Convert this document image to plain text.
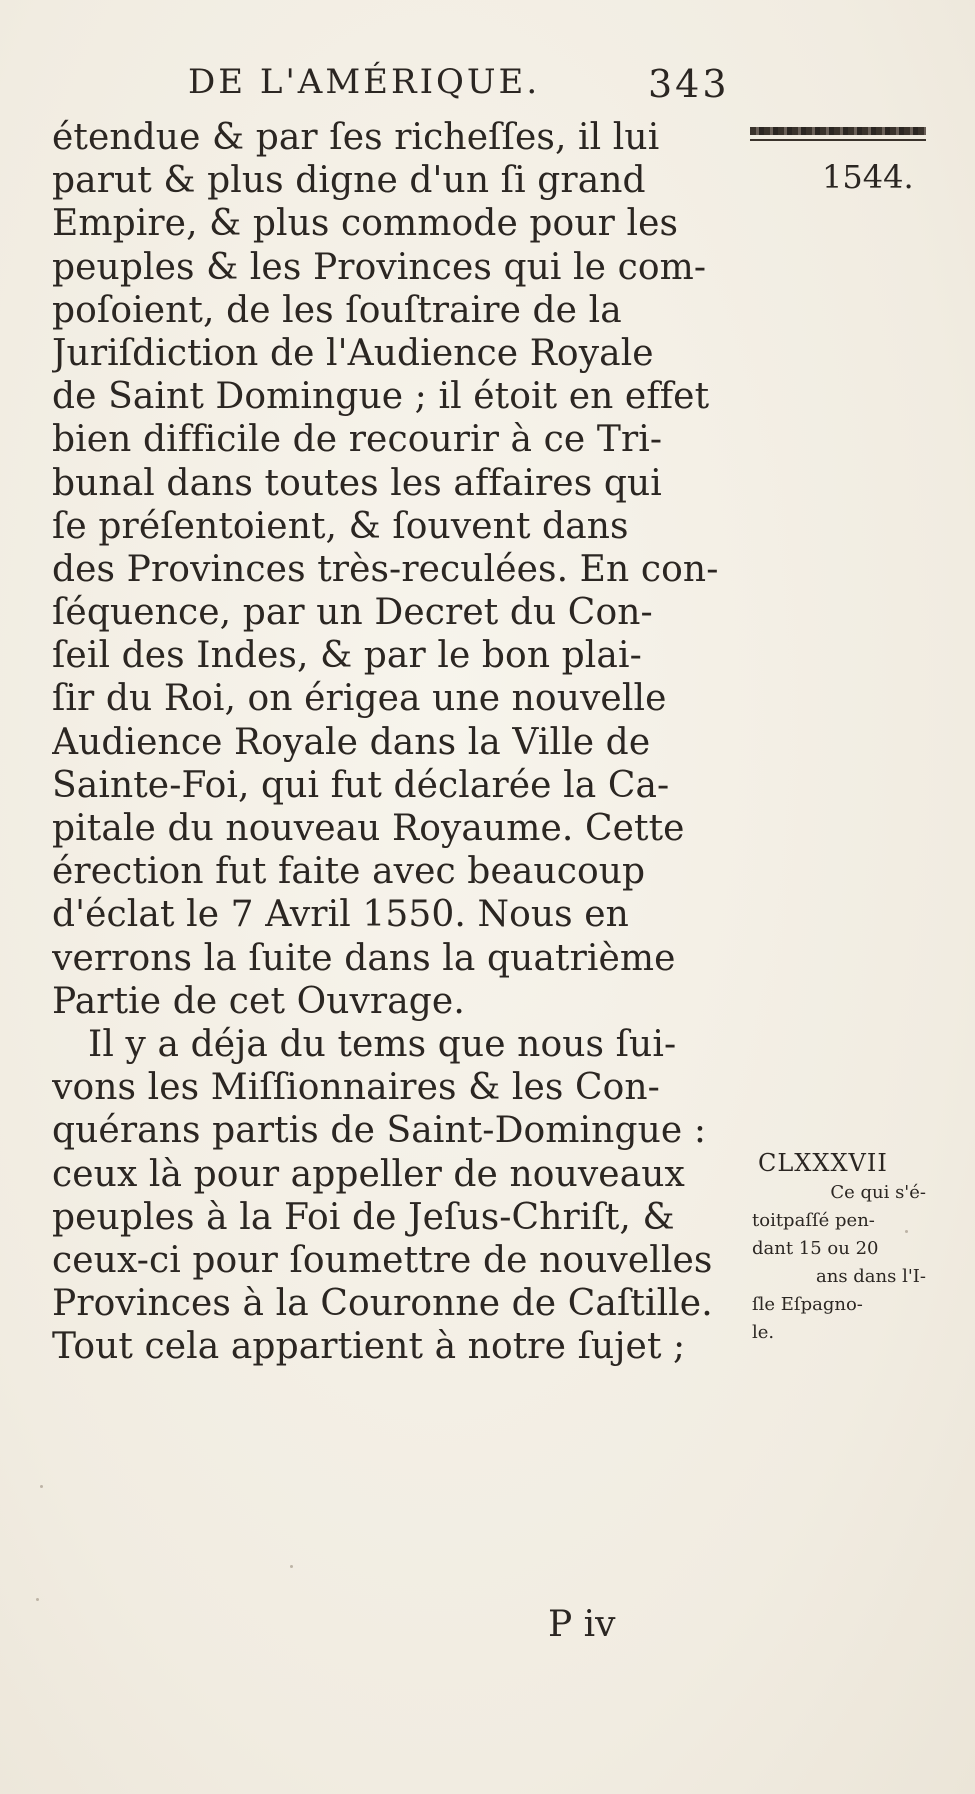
DE L'AMÉRIQUE.	343
1544.
étendue & par ſes richeſſes, il lui
parut & plus digne d'un ſi grand
Empire, & plus commode pour les
peuples & les Provinces qui le com-
poſoient, de les ſouſtraire de la
Juriſdiction de l'Audience Royale
de Saint Domingue ; il étoit en effet
bien difficile de recourir à ce Tri-
bunal dans toutes les affaires qui
ſe préſentoient, & ſouvent dans
des Provinces très-reculées. En con-
ſéquence, par un Decret du Con-
ſeil des Indes, & par le bon plai-
ſir du Roi, on érigea une nouvelle
Audience Royale dans la Ville de
Sainte-Foi, qui fut déclarée la Ca-
pitale du nouveau Royaume. Cette
érection fut faite avec beaucoup
d'éclat le 7 Avril 1550. Nous en
verrons la ſuite dans la quatrième
Partie de cet Ouvrage.
Il y a déja du tems que nous ſui-
vons les Miſſionnaires & les Con-
quérans partis de Saint-Domingue :
ceux là pour appeller de nouveaux
peuples à la Foi de Jeſus-Chriſt, &
ceux-ci pour ſoumettre de nouvelles
Provinces à la Couronne de Caſtille.
Tout cela appartient à notre ſujet ;
CLXXXVII
Ce qui s'é-
toitpaſſé pen-
dant 15 ou 20
ans dans l'I-
ſle Eſpagno-
le.
P iv
